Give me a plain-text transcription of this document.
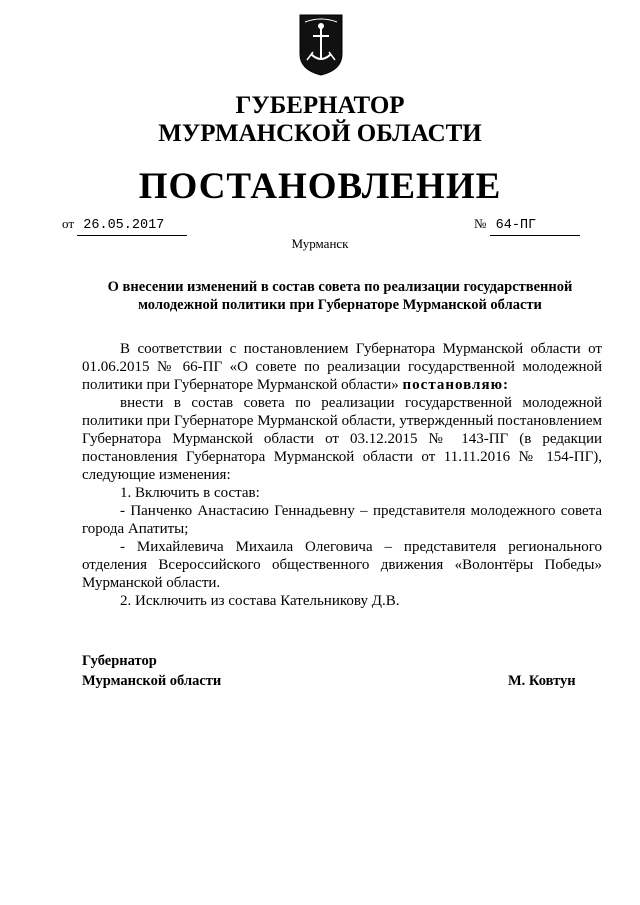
ГУБЕРНАТОР
МУРМАНСКОЙ ОБЛАСТИ
ПОСТАНОВЛЕНИЕ
от 26.05.2017	№ 64-ПГ
Мурманск
О внесении изменений в состав совета по реализации государственной
молодежной политики при Губернаторе Мурманской области

В соответствии с постановлением Губернатора Мурманской области от 01.06.2015 № 66-ПГ «О совете по реализации государственной молодежной политики при Губернаторе Мурманской области» постановляю:

внести в состав совета по реализации государственной молодежной политики при Губернаторе Мурманской области, утвержденный постановлением Губернатора Мурманской области от 03.12.2015 № 143-ПГ (в редакции постановления Губернатора Мурманской области от 11.11.2016 № 154-ПГ), следующие изменения:

1. Включить в состав:

- Панченко Анастасию Геннадьевну – представителя молодежного совета города Апатиты;

- Михайлевича Михаила Олеговича – представителя регионального отделения Всероссийского общественного движения «Волонтёры Победы» Мурманской области.

2. Исключить из состава Кательникову Д.В.

Губернатор
Мурманской области	М. Ковтун
